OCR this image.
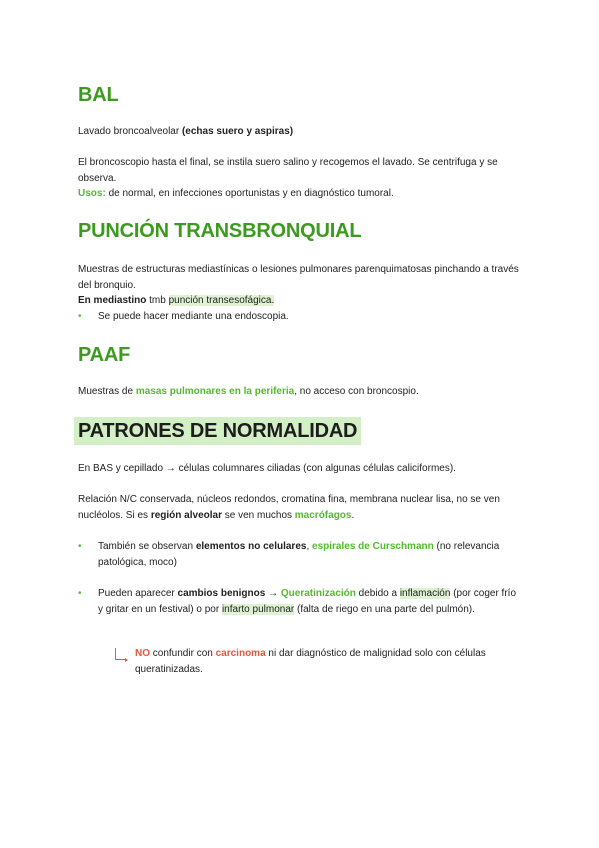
BAL

Lavado broncoalveolar (echas suero y aspiras)

El broncoscopio hasta el final, se instila suero salino y recogemos el lavado. Se centrifuga y se observa.

Usos: de normal, en infecciones oportunistas y en diagnóstico tumoral.

PUNCIÓN TRANSBRONQUIAL

Muestras de estructuras mediastínicas o lesiones pulmonares parenquimatosas pinchando a través del bronquio.

En mediastino tmb punción transesofágica.

• Se puede hacer mediante una endoscopia.
PAAF

Muestras de masas pulmonares en la periferia, no acceso con broncospio.

PATRONES DE NORMALIDAD

En BAS y cepillado → células columnares ciliadas (con algunas células caliciformes).

Relación N/C conservada, núcleos redondos, cromatina fina, membrana nuclear lisa, no se ven nucléolos. Si es región alveolar se ven muchos macrófagos.

• También se observan elementos no celulares, espirales de Curschmann (no relevancia patológica, moco)
• Pueden aparecer cambios benignos → Queratinización debido a inflamación (por coger frío y gritar en un festival) o por infarto pulmonar (falta de riego en una parte del pulmón).
NO confundir con carcinoma ni dar diagnóstico de malignidad solo con células queratinizadas.
